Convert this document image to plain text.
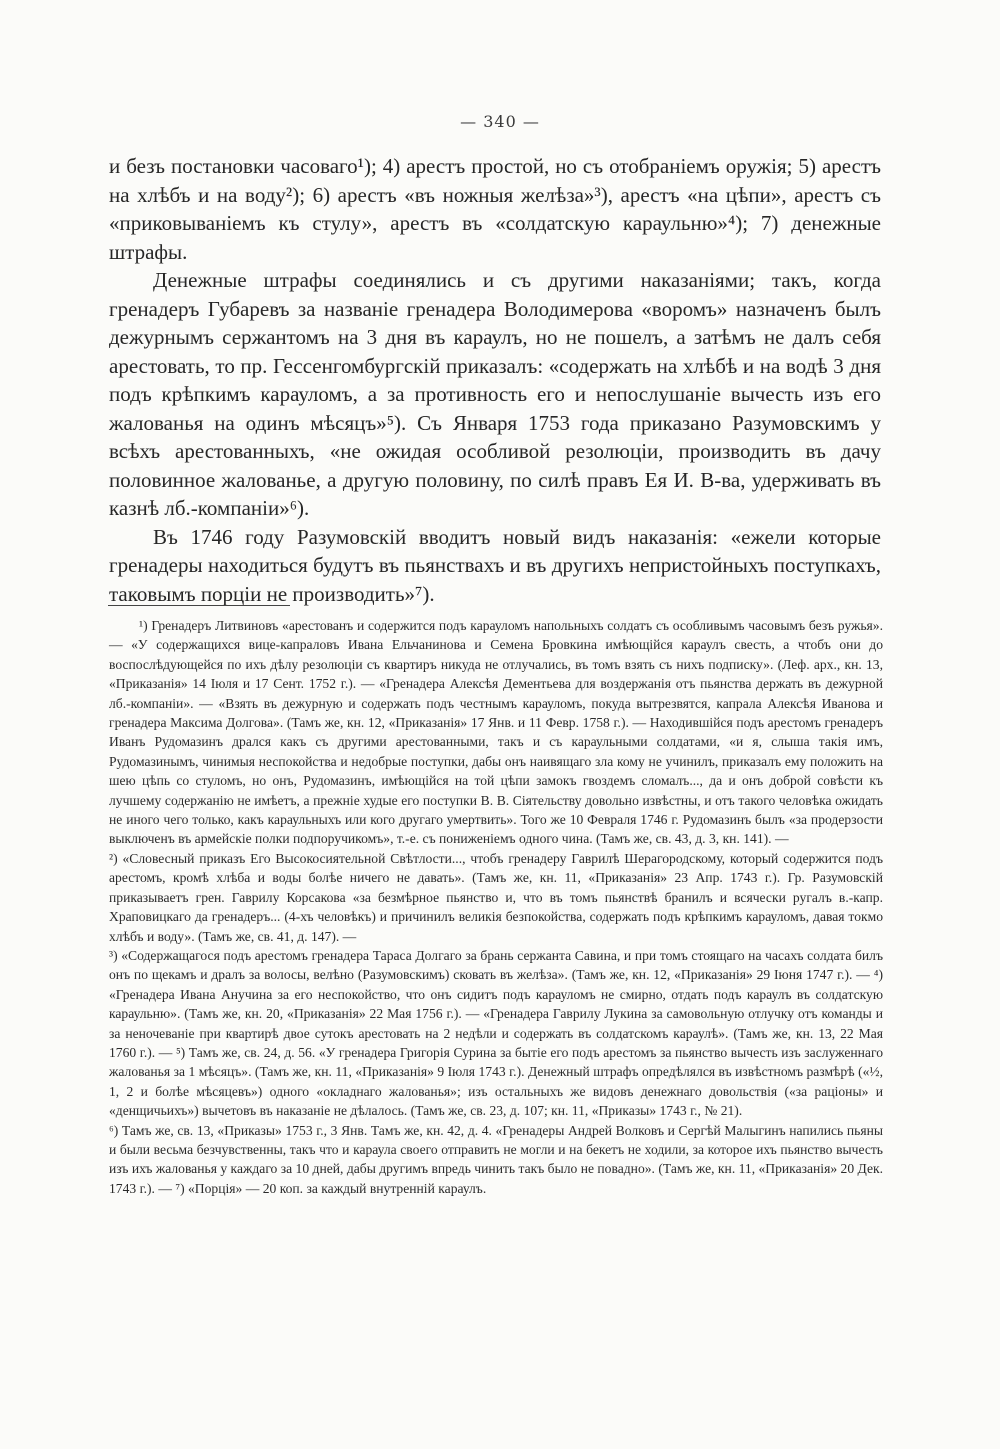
— 340 —

и безъ постановки часоваго¹); 4) арестъ простой, но съ отобраніемъ оружія; 5) арестъ на хлѣбъ и на воду²); 6) арестъ «въ ножныя желѣза»³), арестъ «на цѣпи», арестъ съ «приковываніемъ къ стулу», арестъ въ «солдатскую караульню»⁴); 7) денежные штрафы.

Денежные штрафы соединялись и съ другими наказаніями; такъ, когда гренадеръ Губаревъ за названіе гренадера Володимерова «воромъ» назначенъ былъ дежурнымъ сержантомъ на 3 дня въ караулъ, но не пошелъ, а затѣмъ не далъ себя арестовать, то пр. Гессенгомбургскій приказалъ: «содержать на хлѣбѣ и на водѣ 3 дня подъ крѣпкимъ карауломъ, а за противность его и непослушаніе вычесть изъ его жалованья на одинъ мѣсяцъ»⁵). Съ Января 1753 года приказано Разумовскимъ у всѣхъ арестованныхъ, «не ожидая особливой резолюціи, производить въ дачу половинное жалованье, а другую половину, по силѣ правъ Ея И. В-ва, удерживать въ казнѣ лб.-компаніи»⁶).

Въ 1746 году Разумовскій вводитъ новый видъ наказанія: «ежели которые гренадеры находиться будутъ въ пьянствахъ и въ другихъ непристойныхъ поступкахъ, таковымъ порціи не производить»⁷).

¹) Гренадеръ Литвиновъ «арестованъ и содержится подъ карауломъ напольныхъ солдатъ съ особливымъ часовымъ безъ ружья». — «У содержащихся вице-капраловъ Ивана Ельчанинова и Семена Бровкина имѣющійся караулъ свесть, а чтобъ они до воспослѣдующейся по ихъ дѣлу резолюціи съ квартиръ никуда не отлучались, въ томъ взять съ нихъ подписку». (Леф. арх., кн. 13, «Приказанія» 14 Іюля и 17 Сент. 1752 г.). — «Гренадера Алексѣя Дементьева для воздержанія отъ пьянства держать въ дежурной лб.-компаніи». — «Взять въ дежурную и содержать подъ честнымъ карауломъ, покуда вытрезвятся, капрала Алексѣя Иванова и гренадера Максима Долгова». (Тамъ же, кн. 12, «Приказанія» 17 Янв. и 11 Февр. 1758 г.). — Находившійся подъ арестомъ гренадеръ Иванъ Рудомазинъ дрался какъ съ другими арестованными, такъ и съ караульными солдатами, «и я, слыша такія имъ, Рудомазинымъ, чинимыя неспокойства и недобрые поступки, дабы онъ наивящаго зла кому не учинилъ, приказалъ ему положить на шею цѣпь со стуломъ, но онъ, Рудомазинъ, имѣющійся на той цѣпи замокъ гвоздемъ сломалъ..., да и онъ доброй совѣсти къ лучшему содержанію не имѣетъ, а прежніе худые его поступки В. В. Сіятельству довольно извѣстны, и отъ такого человѣка ожидать не иного чего только, какъ караульныхъ или кого другаго умертвить». Того же 10 Февраля 1746 г. Рудомазинъ былъ «за продерзости выключенъ въ армейскіе полки подпоручикомъ», т.-е. съ пониженіемъ одного чина. (Тамъ же, св. 43, д. 3, кн. 141). —

²) «Словесный приказъ Его Высокосиятельной Свѣтлости..., чтобъ гренадеру Гаврилѣ Шерагородскому, который содержится подъ арестомъ, кромѣ хлѣба и воды болѣе ничего не давать». (Тамъ же, кн. 11, «Приказанія» 23 Апр. 1743 г.). Гр. Разумовскій приказываетъ грен. Гаврилу Корсакова «за безмѣрное пьянство и, что въ томъ пьянствѣ бранилъ и всячески ругалъ в.-капр. Храповицкаго да гренадеръ... (4-хъ человѣкъ) и причинилъ великія безпокойства, содержать подъ крѣпкимъ карауломъ, давая токмо хлѣбъ и воду». (Тамъ же, св. 41, д. 147). —

³) «Содержащагося подъ арестомъ гренадера Тараса Долгаго за брань сержанта Савина, и при томъ стоящаго на часахъ солдата билъ онъ по щекамъ и дралъ за волосы, велѣно (Разумовскимъ) сковать въ желѣзa». (Тамъ же, кн. 12, «Приказанія» 29 Іюня 1747 г.). — ⁴) «Гренадера Ивана Анучина за его неспокойство, что онъ сидитъ подъ карауломъ не смирно, отдать подъ караулъ въ солдатскую караульню». (Тамъ же, кн. 20, «Приказанія» 22 Мая 1756 г.). — «Гренадера Гаврилу Лукина за самовольную отлучку отъ команды и за неночеваніе при квартирѣ двое сутокъ арестовать на 2 недѣли и содержать въ солдатскомъ караулѣ». (Тамъ же, кн. 13, 22 Мая 1760 г.). — ⁵) Тамъ же, св. 24, д. 56. «У гренадера Григорія Сурина за бытіе его подъ арестомъ за пьянство вычесть изъ заслуженнаго жалованья за 1 мѣсяцъ». (Тамъ же, кн. 11, «Приказанія» 9 Іюля 1743 г.). Денежный штрафъ опредѣлялся въ извѣстномъ размѣрѣ («½, 1, 2 и болѣе мѣсяцевъ») одного «окладнаго жалованья»; изъ остальныхъ же видовъ денежнаго довольствія («за раціоны» и «денщичьихъ») вычетовъ въ наказаніе не дѣлалось. (Тамъ же, св. 23, д. 107; кн. 11, «Приказы» 1743 г., № 21).

⁶) Тамъ же, св. 13, «Приказы» 1753 г., 3 Янв. Тамъ же, кн. 42, д. 4. «Гренадеры Андрей Волковъ и Сергѣй Малыгинъ напились пьяны и были весьма безчувственны, такъ что и караула своего отправить не могли и на бекетъ не ходили, за которое ихъ пьянство вычесть изъ ихъ жалованья у каждаго за 10 дней, дабы другимъ впредь чинить такъ было не повадно». (Тамъ же, кн. 11, «Приказанія» 20 Дек. 1743 г.). — ⁷) «Порція» — 20 коп. за каждый внутренній караулъ.
